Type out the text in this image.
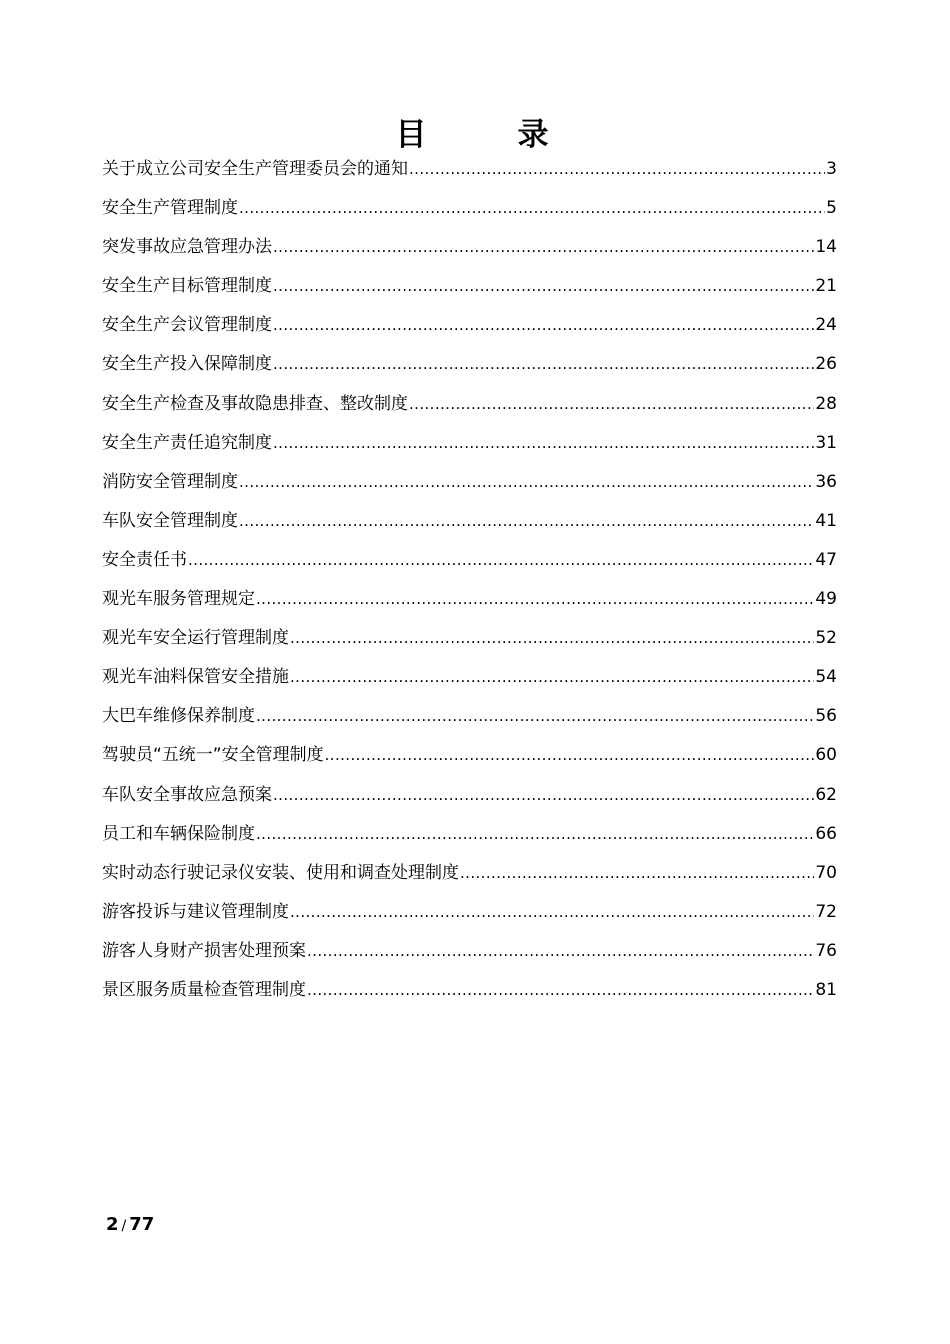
目　录
关于成立公司安全生产管理委员会的通知 .....	3
安全生产管理制度 .....	5
突发事故应急管理办法 .....	14
安全生产目标管理制度 .....	21
安全生产会议管理制度 .....	24
安全生产投入保障制度 .....	26
安全生产检查及事故隐患排查、整改制度 .....	28
安全生产责任追究制度 .....	31
消防安全管理制度 .....	36
车队安全管理制度 .....	41
安全责任书 .....	47
观光车服务管理规定 .....	49
观光车安全运行管理制度 .....	52
观光车油料保管安全措施 .....	54
大巴车维修保养制度 .....	56
驾驶员“五统一”安全管理制度 .....	60
车队安全事故应急预案 .....	62
员工和车辆保险制度 .....	66
实时动态行驶记录仪安装、使用和调查处理制度 .....	70
游客投诉与建议管理制度 .....	72
游客人身财产损害处理预案 .....	76
景区服务质量检查管理制度 .....	81
2 / 77
